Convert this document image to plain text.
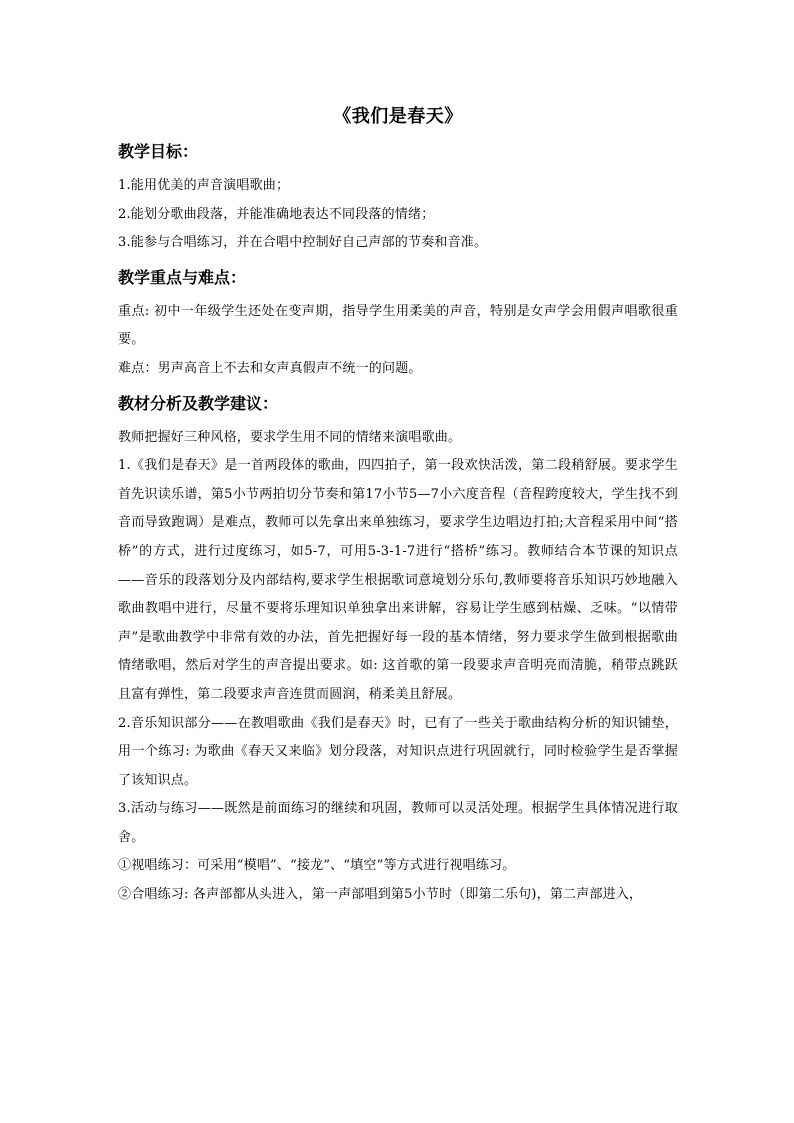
《我们是春天》
教学目标：

1.能用优美的声音演唱歌曲；

2.能划分歌曲段落，并能准确地表达不同段落的情绪；

3.能参与合唱练习，并在合唱中控制好自己声部的节奏和音准。

教学重点与难点：

重点: 初中一年级学生还处在变声期，指导学生用柔美的声音，特别是女声学会用假声唱歌很重要。

难点：男声高音上不去和女声真假声不统一的问题。

教材分析及教学建议：

教师把握好三种风格，要求学生用不同的情绪来演唱歌曲。

1.《我们是春天》是一首两段体的歌曲，四四拍子，第一段欢快活泼，第二段稍舒展。要求学生首先识读乐谱，第5小节两拍切分节奏和第17小节5—7小六度音程（音程跨度较大，学生找不到音而导致跑调）是难点，教师可以先拿出来单独练习，要求学生边唱边打拍;大音程采用中间“搭桥”的方式，进行过度练习，如5-7，可用5-3-1-7进行“搭桥”练习。教师结合本节课的知识点——音乐的段落划分及内部结构,要求学生根据歌词意境划分乐句,教师要将音乐知识巧妙地融入歌曲教唱中进行，尽量不要将乐理知识单独拿出来讲解，容易让学生感到枯燥、乏味。“以情带声”是歌曲教学中非常有效的办法，首先把握好每一段的基本情绪，努力要求学生做到根据歌曲情绪歌唱，然后对学生的声音提出要求。如: 这首歌的第一段要求声音明亮而清脆，稍带点跳跃且富有弹性，第二段要求声音连贯而圆润，稍柔美且舒展。

2.音乐知识部分——在教唱歌曲《我们是春天》时，已有了一些关于歌曲结构分析的知识铺垫，用一个练习: 为歌曲《春天又来临》划分段落，对知识点进行巩固就行，同时检验学生是否掌握了该知识点。

3.活动与练习——既然是前面练习的继续和巩固，教师可以灵活处理。根据学生具体情况进行取舍。

①视唱练习：可采用“模唱”、“接龙”、“填空”等方式进行视唱练习。

②合唱练习: 各声部都从头进入，第一声部唱到第5小节时（即第二乐句)，第二声部进入，
